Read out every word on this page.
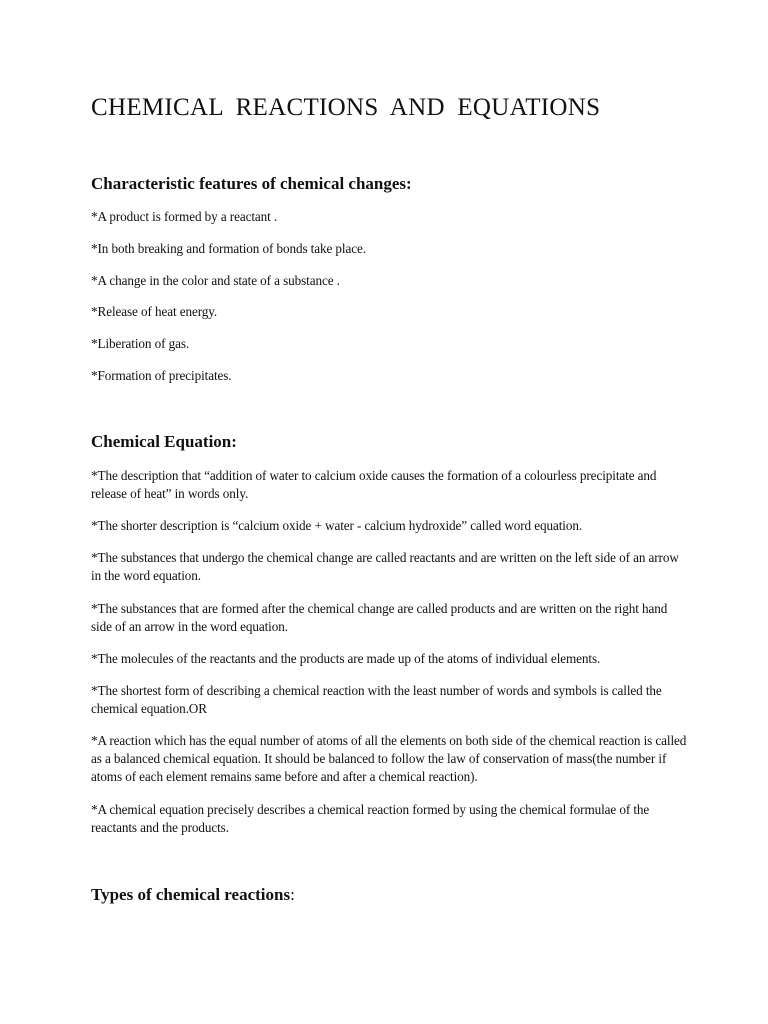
CHEMICAL REACTIONS AND EQUATIONS
Characteristic features of chemical changes:

*A product is formed by a reactant .

*In both breaking and formation of bonds take place.

*A change in the color and state of a substance .

*Release of heat energy.

*Liberation of gas.

*Formation of precipitates.

Chemical Equation:

*The description that “addition of water to calcium oxide causes the formation of a colourless precipitate and release of heat” in words only.

*The shorter description is “calcium oxide + water - calcium hydroxide” called word equation.

*The substances that undergo the chemical change are called reactants and are written on the left side of an arrow in the word equation.

*The substances that are formed after the chemical change are called products and are written on the right hand side of an arrow in the word equation.

*The molecules of the reactants and the products are made up of the atoms of individual elements.

*The shortest form of describing a chemical reaction with the least number of words and symbols is called the chemical equation.OR

*A reaction which has the equal number of atoms of all the elements on both side of the chemical reaction is called as a balanced chemical equation. It should be balanced to follow the law of conservation of mass(the number if atoms of each element remains same before and after a chemical reaction).

*A chemical equation precisely describes a chemical reaction formed by using the chemical formulae of the reactants and the products.

Types of chemical reactions:
